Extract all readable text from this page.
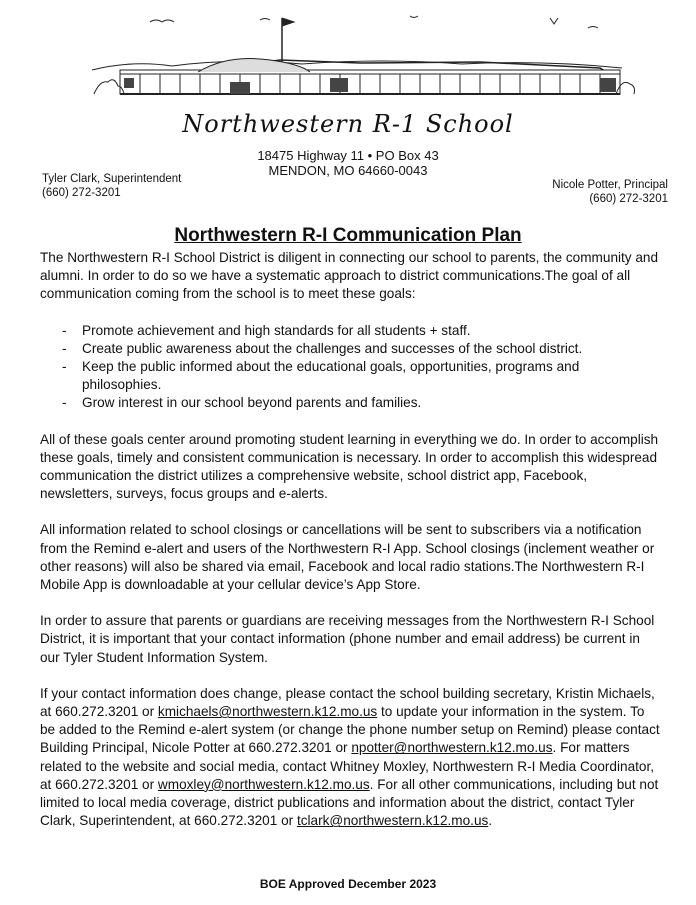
Northwestern R-1 School
18475 Highway 11 • PO Box 43
MENDON, MO 64660-0043
Tyler Clark, Superintendent
(660) 272-3201
Nicole Potter, Principal
(660) 272-3201
Northwestern R-I Communication Plan

The Northwestern R-I School District is diligent in connecting our school to parents, the community and alumni. In order to do so we have a systematic approach to district communications.The goal of all communication coming from the school is to meet these goals:

- Promote achievement and high standards for all students + staff.
- Create public awareness about the challenges and successes of the school district.
- Keep the public informed about the educational goals, opportunities, programs and philosophies.
- Grow interest in our school beyond parents and families.

All of these goals center around promoting student learning in everything we do. In order to accomplish these goals, timely and consistent communication is necessary. In order to accomplish this widespread communication the district utilizes a comprehensive website, school district app, Facebook, newsletters, surveys, focus groups and e-alerts.

All information related to school closings or cancellations will be sent to subscribers via a notification from the Remind e-alert and users of the Northwestern R-I App. School closings (inclement weather or other reasons) will also be shared via email, Facebook and local radio stations.The Northwestern R-I Mobile App is downloadable at your cellular device’s App Store.

In order to assure that parents or guardians are receiving messages from the Northwestern R-I School District, it is important that your contact information (phone number and email address) be current in our Tyler Student Information System.

If your contact information does change, please contact the school building secretary, Kristin Michaels, at 660.272.3201 or kmichaels@northwestern.k12.mo.us to update your information in the system. To be added to the Remind e-alert system (or change the phone number setup on Remind) please contact Building Principal, Nicole Potter at 660.272.3201 or npotter@northwestern.k12.mo.us. For matters related to the website and social media, contact Whitney Moxley, Northwestern R-I Media Coordinator, at 660.272.3201 or wmoxley@northwestern.k12.mo.us. For all other communications, including but not limited to local media coverage, district publications and information about the district, contact Tyler Clark, Superintendent, at 660.272.3201 or tclark@northwestern.k12.mo.us.

BOE Approved December 2023
